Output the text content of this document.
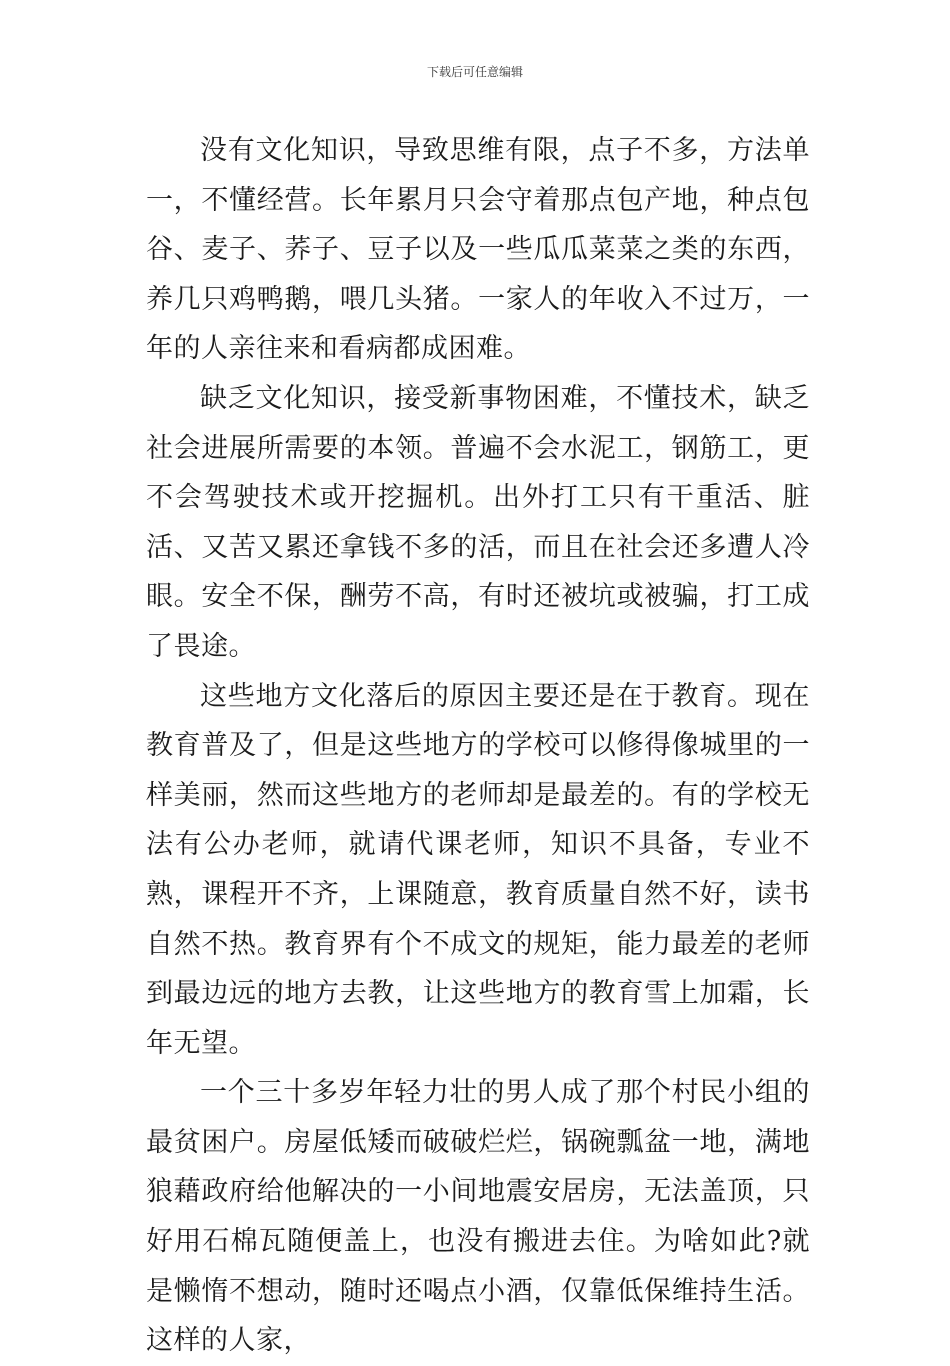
下载后可任意编辑

没有文化知识，导致思维有限，点子不多，方法单一，不懂经营。长年累月只会守着那点包产地，种点包谷、麦子、荞子、豆子以及一些瓜瓜菜菜之类的东西，养几只鸡鸭鹅，喂几头猪。一家人的年收入不过万，一年的人亲往来和看病都成困难。

缺乏文化知识，接受新事物困难，不懂技术，缺乏社会进展所需要的本领。普遍不会水泥工，钢筋工，更不会驾驶技术或开挖掘机。出外打工只有干重活、脏活、又苦又累还拿钱不多的活，而且在社会还多遭人冷眼。安全不保，酬劳不高，有时还被坑或被骗，打工成了畏途。

这些地方文化落后的原因主要还是在于教育。现在教育普及了，但是这些地方的学校可以修得像城里的一样美丽，然而这些地方的老师却是最差的。有的学校无法有公办老师，就请代课老师，知识不具备，专业不熟，课程开不齐，上课随意，教育质量自然不好，读书自然不热。教育界有个不成文的规矩，能力最差的老师到最边远的地方去教，让这些地方的教育雪上加霜，长年无望。

一个三十多岁年轻力壮的男人成了那个村民小组的最贫困户。房屋低矮而破破烂烂，锅碗瓢盆一地，满地狼藉政府给他解决的一小间地震安居房，无法盖顶，只好用石棉瓦随便盖上，也没有搬进去住。为啥如此?就是懒惰不想动，随时还喝点小酒，仅靠低保维持生活。这样的人家，
